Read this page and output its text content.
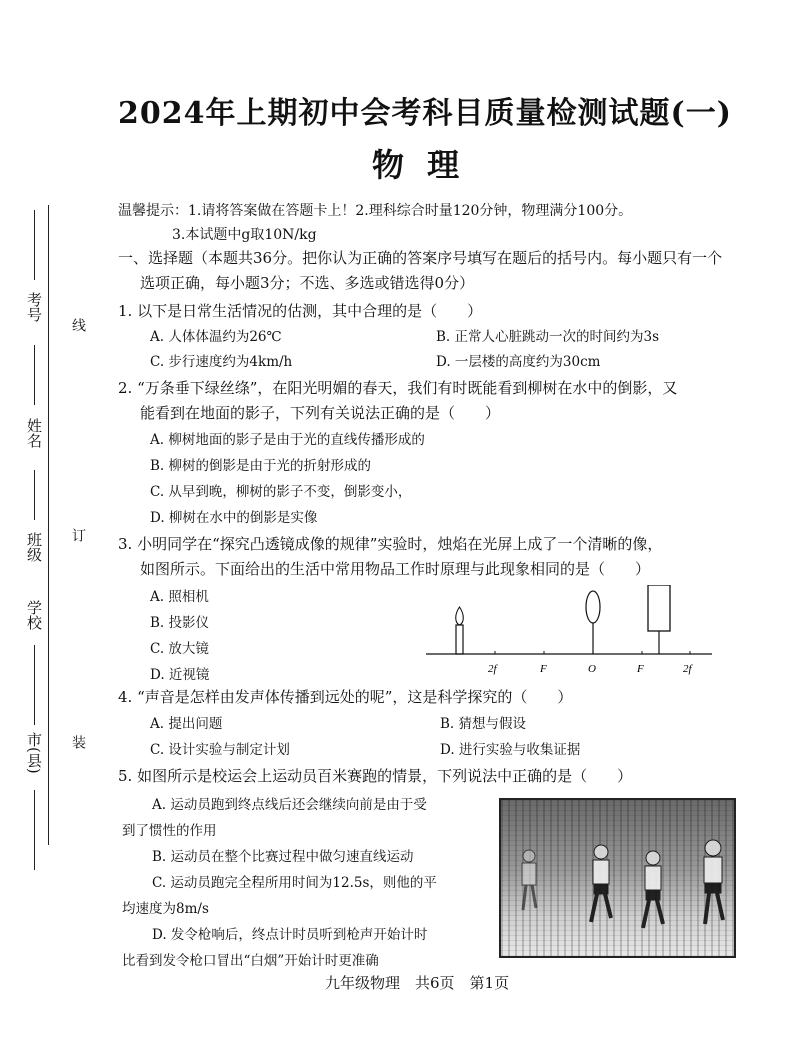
考号
姓名
班级
学校
市(县)
线
订
装
2024年上期初中会考科目质量检测试题(一)
物 理
温馨提示：1.请将答案做在答题卡上！2.理科综合时量120分钟，物理满分100分。
3.本试题中g取10N/kg
一、选择题（本题共36分。把你认为正确的答案序号填写在题后的括号内。每小题只有一个
选项正确，每小题3分；不选、多选或错选得0分）
1. 以下是日常生活情况的估测，其中合理的是（　　）
A. 人体体温约为26℃	B. 正常人心脏跳动一次的时间约为3s
C. 步行速度约为4km/h	D. 一层楼的高度约为30cm
2. “万条垂下绿丝绦”，在阳光明媚的春天，我们有时既能看到柳树在水中的倒影，又
能看到在地面的影子，下列有关说法正确的是（　　）
A. 柳树地面的影子是由于光的直线传播形成的
B. 柳树的倒影是由于光的折射形成的
C. 从早到晚，柳树的影子不变，倒影变小，
D. 柳树在水中的倒影是实像
3. 小明同学在“探究凸透镜成像的规律”实验时，烛焰在光屏上成了一个清晰的像，
如图所示。下面给出的生活中常用物品工作时原理与此现象相同的是（　　）
A. 照相机
B. 投影仪
C. 放大镜
D. 近视镜	2f	F	O	F	2f
4. “声音是怎样由发声体传播到远处的呢”，这是科学探究的（　　）
A. 提出问题	B. 猜想与假设
C. 设计实验与制定计划	D. 进行实验与收集证据
5. 如图所示是校运会上运动员百米赛跑的情景，下列说法中正确的是（　　）
A. 运动员跑到终点线后还会继续向前是由于受
到了惯性的作用
B. 运动员在整个比赛过程中做匀速直线运动
C. 运动员跑完全程所用时间为12.5s，则他的平
均速度为8m/s
D. 发令枪响后，终点计时员听到枪声开始计时
比看到发令枪口冒出“白烟”开始计时更准确
九年级物理　共6页　第1页
